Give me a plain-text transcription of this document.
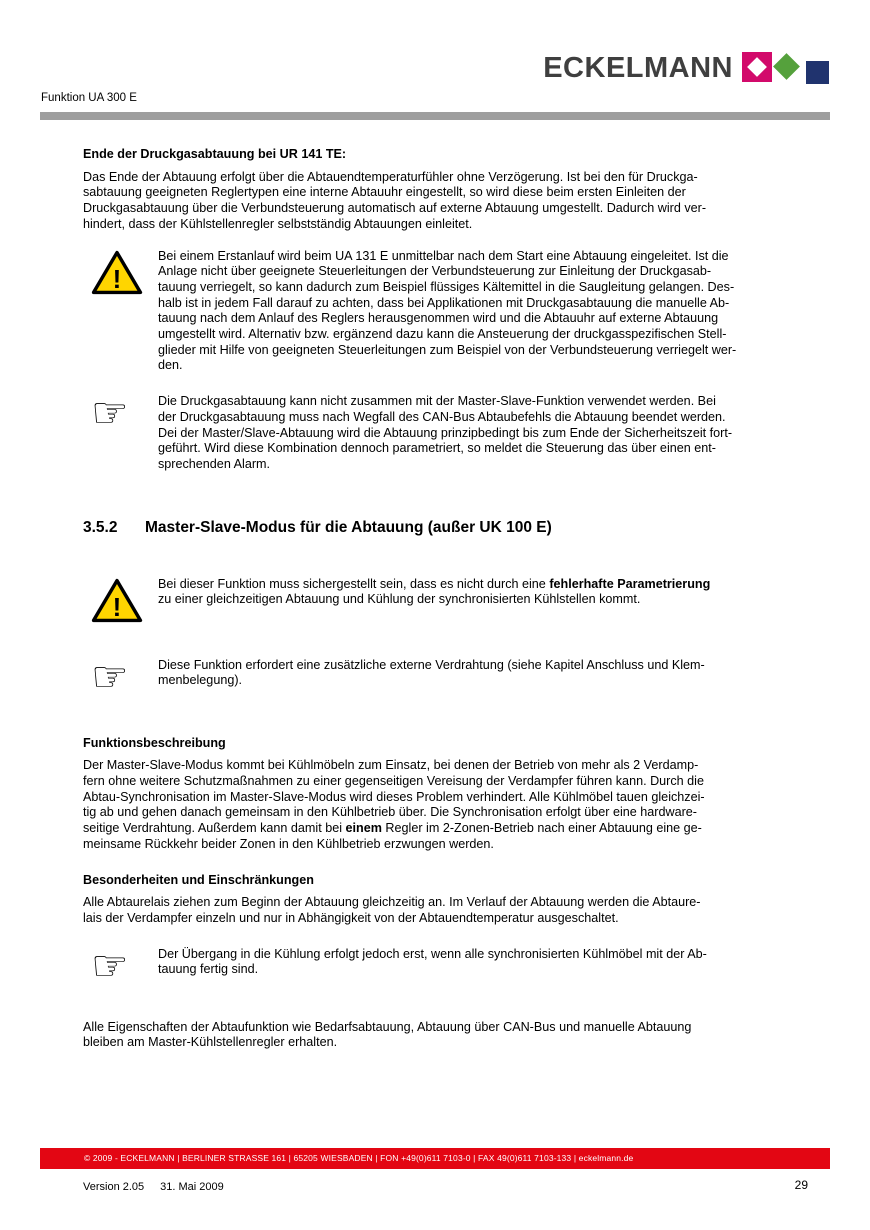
ECKELMANN
Funktion UA 300 E
Ende der Druckgasabtauung bei UR 141 TE:

Das Ende der Abtauung erfolgt über die Abtauendtemperaturfühler ohne Verzögerung. Ist bei den für Druckga-
sabtauung geeigneten Reglertypen eine interne Abtauuhr eingestellt, so wird diese beim ersten Einleiten der
Druckgasabtauung über die Verbundsteuerung automatisch auf externe Abtauung umgestellt. Dadurch wird ver-
hindert, dass der Kühlstellenregler selbstständig Abtauungen einleitet.

!
Bei einem Erstanlauf wird beim UA 131 E unmittelbar nach dem Start eine Abtauung eingeleitet. Ist die
Anlage nicht über geeignete Steuerleitungen der Verbundsteuerung zur Einleitung der Druckgasab-
tauung verriegelt, so kann dadurch zum Beispiel flüssiges Kältemittel in die Saugleitung gelangen. Des-
halb ist in jedem Fall darauf zu achten, dass bei Applikationen mit Druckgasabtauung die manuelle Ab-
tauung nach dem Anlauf des Reglers herausgenommen wird und die Abtauuhr auf externe Abtauung
umgestellt wird. Alternativ bzw. ergänzend dazu kann die Ansteuerung der druckgasspezifischen Stell-
glieder mit Hilfe von geeigneten Steuerleitungen zum Beispiel von der Verbundsteuerung verriegelt wer-
den.
☞ Die Druckgasabtauung kann nicht zusammen mit der Master-Slave-Funktion verwendet werden. Bei
der Druckgasabtauung muss nach Wegfall des CAN-Bus Abtaubefehls die Abtauung beendet werden.
Dei der Master/Slave-Abtauung wird die Abtauung prinzipbedingt bis zum Ende der Sicherheitszeit fort-
geführt. Wird diese Kombination dennoch parametriert, so meldet die Steuerung das über einen ent-
sprechenden Alarm.
3.5.2	Master-Slave-Modus für die Abtauung (außer UK 100 E)
!
Bei dieser Funktion muss sichergestellt sein, dass es nicht durch eine fehlerhafte Parametrierung
zu einer gleichzeitigen Abtauung und Kühlung der synchronisierten Kühlstellen kommt.
☞ Diese Funktion erfordert eine zusätzliche externe Verdrahtung (siehe Kapitel Anschluss und Klem-
menbelegung).
Funktionsbeschreibung

Der Master-Slave-Modus kommt bei Kühlmöbeln zum Einsatz, bei denen der Betrieb von mehr als 2 Verdamp-
fern ohne weitere Schutzmaßnahmen zu einer gegenseitigen Vereisung der Verdampfer führen kann. Durch die
Abtau-Synchronisation im Master-Slave-Modus wird dieses Problem verhindert. Alle Kühlmöbel tauen gleichzei-
tig ab und gehen danach gemeinsam in den Kühlbetrieb über. Die Synchronisation erfolgt über eine hardware-
seitige Verdrahtung. Außerdem kann damit bei einem Regler im 2-Zonen-Betrieb nach einer Abtauung eine ge-
meinsame Rückkehr beider Zonen in den Kühlbetrieb erzwungen werden.

Besonderheiten und Einschränkungen

Alle Abtaurelais ziehen zum Beginn der Abtauung gleichzeitig an. Im Verlauf der Abtauung werden die Abtaure-
lais der Verdampfer einzeln und nur in Abhängigkeit von der Abtauendtemperatur ausgeschaltet.

☞ Der Übergang in die Kühlung erfolgt jedoch erst, wenn alle synchronisierten Kühlmöbel mit der Ab-
tauung fertig sind.

Alle Eigenschaften der Abtaufunktion wie Bedarfsabtauung, Abtauung über CAN-Bus und manuelle Abtauung
bleiben am Master-Kühlstellenregler erhalten.

© 2009 - ECKELMANN | BERLINER STRASSE 161 | 65205 WIESBADEN | FON +49(0)611 7103-0 | FAX 49(0)611 7103-133 | eckelmann.de
Version 2.05 31. Mai 2009	29
